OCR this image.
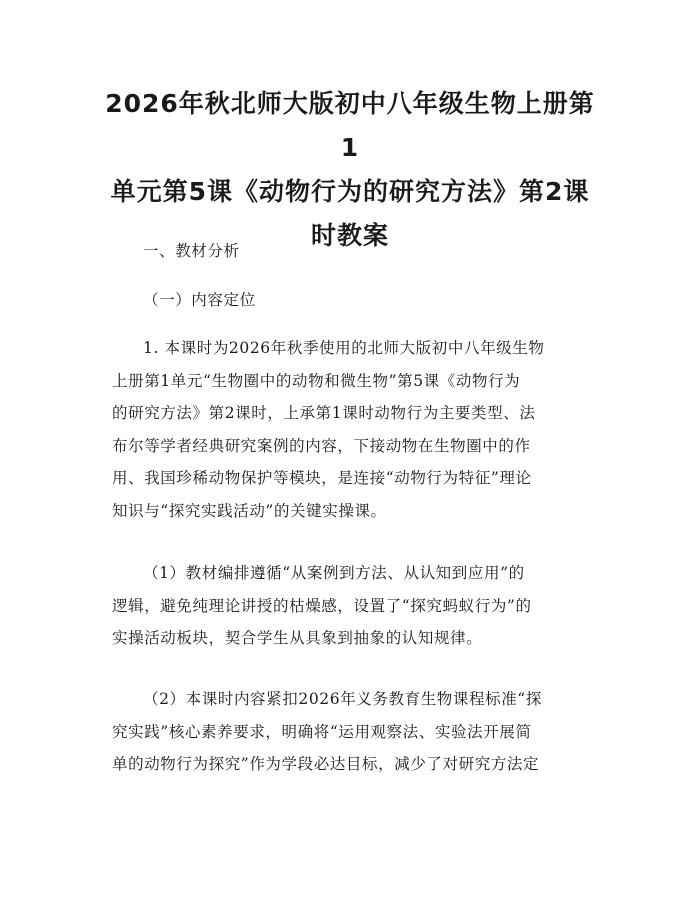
2026年秋北师大版初中八年级生物上册第1
单元第5课《动物行为的研究方法》第2课
时教案

一、教材分析

（一）内容定位

1. 本课时为2026年秋季使用的北师大版初中八年级生物
上册第1单元“生物圈中的动物和微生物”第5课《动物行为
的研究方法》第2课时，上承第1课时动物行为主要类型、法
布尔等学者经典研究案例的内容，下接动物在生物圈中的作
用、我国珍稀动物保护等模块，是连接“动物行为特征”理论
知识与“探究实践活动”的关键实操课。

（1）教材编排遵循“从案例到方法、从认知到应用”的
逻辑，避免纯理论讲授的枯燥感，设置了“探究蚂蚁行为”的
实操活动板块，契合学生从具象到抽象的认知规律。

（2）本课时内容紧扣2026年义务教育生物课程标准“探
究实践”核心素养要求，明确将“运用观察法、实验法开展简
单的动物行为探究”作为学段必达目标，减少了对研究方法定
